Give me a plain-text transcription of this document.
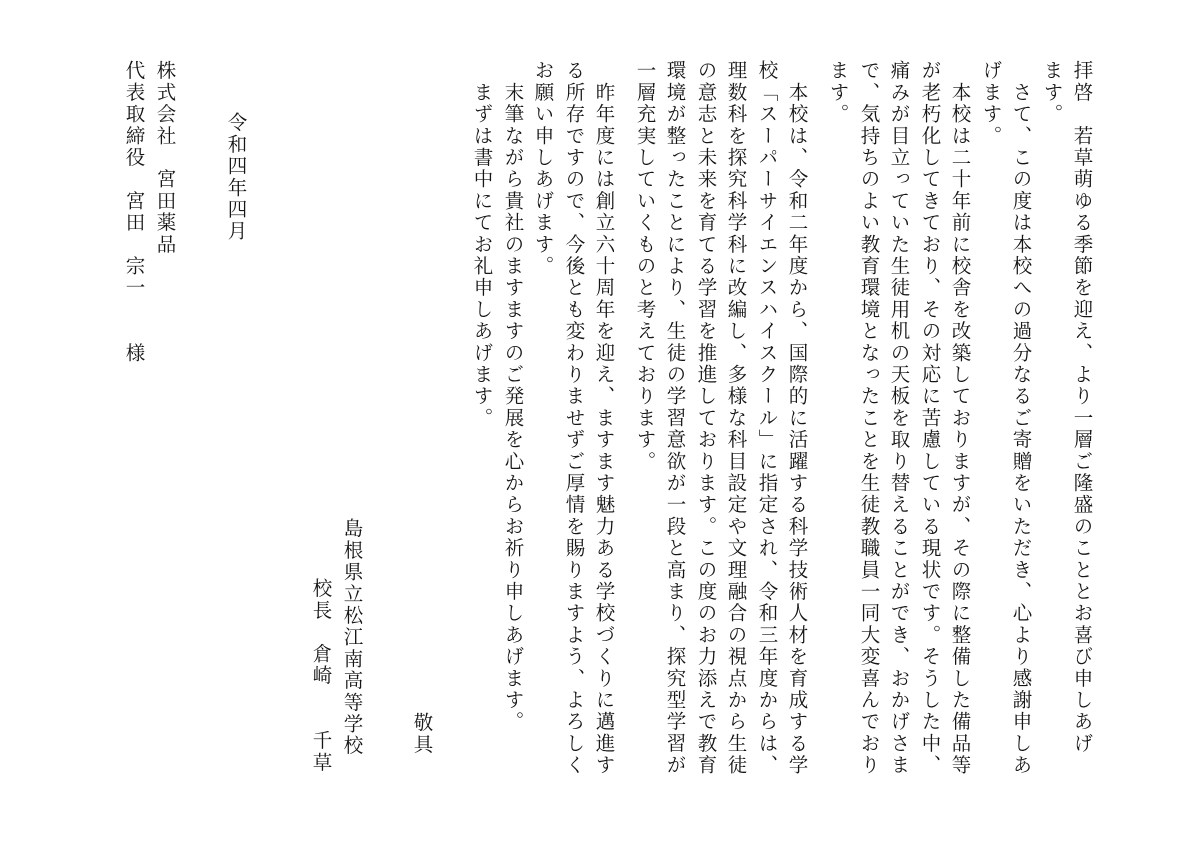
拝啓　若草萌ゆる季節を迎え、より一層ご隆盛のこととお喜び申しあげ
ます。
　さて、この度は本校への過分なるご寄贈をいただき、心より感謝申しあ
げます。
　本校は二十年前に校舎を改築しておりますが、その際に整備した備品等
が老朽化してきており、その対応に苦慮している現状です。そうした中、
痛みが目立っていた生徒用机の天板を取り替えることができ、おかげさま
で、気持ちのよい教育環境となったことを生徒教職員一同大変喜んでおり
ます。
　本校は、令和二年度から、国際的に活躍する科学技術人材を育成する学
校「スーパーサイエンスハイスクール」に指定され、令和三年度からは、
理数科を探究科学科に改編し、多様な科目設定や文理融合の視点から生徒
の意志と未来を育てる学習を推進しております。この度のお力添えで教育
環境が整ったことにより、生徒の学習意欲が一段と高まり、探究型学習が
一層充実していくものと考えております。
　昨年度には創立六十周年を迎え、ますます魅力ある学校づくりに邁進す
る所存ですので、今後とも変わりませずご厚情を賜りますよう、よろしく
お願い申しあげます。
　末筆ながら貴社のますますのご発展を心からお祈り申しあげます。
　まずは書中にてお礼申しあげます。
敬具
島根県立松江南高等学校
校長　倉崎　　千草
令和四年四月
株式会社　宮田薬品
代表取締役　宮田　宗一　　様
